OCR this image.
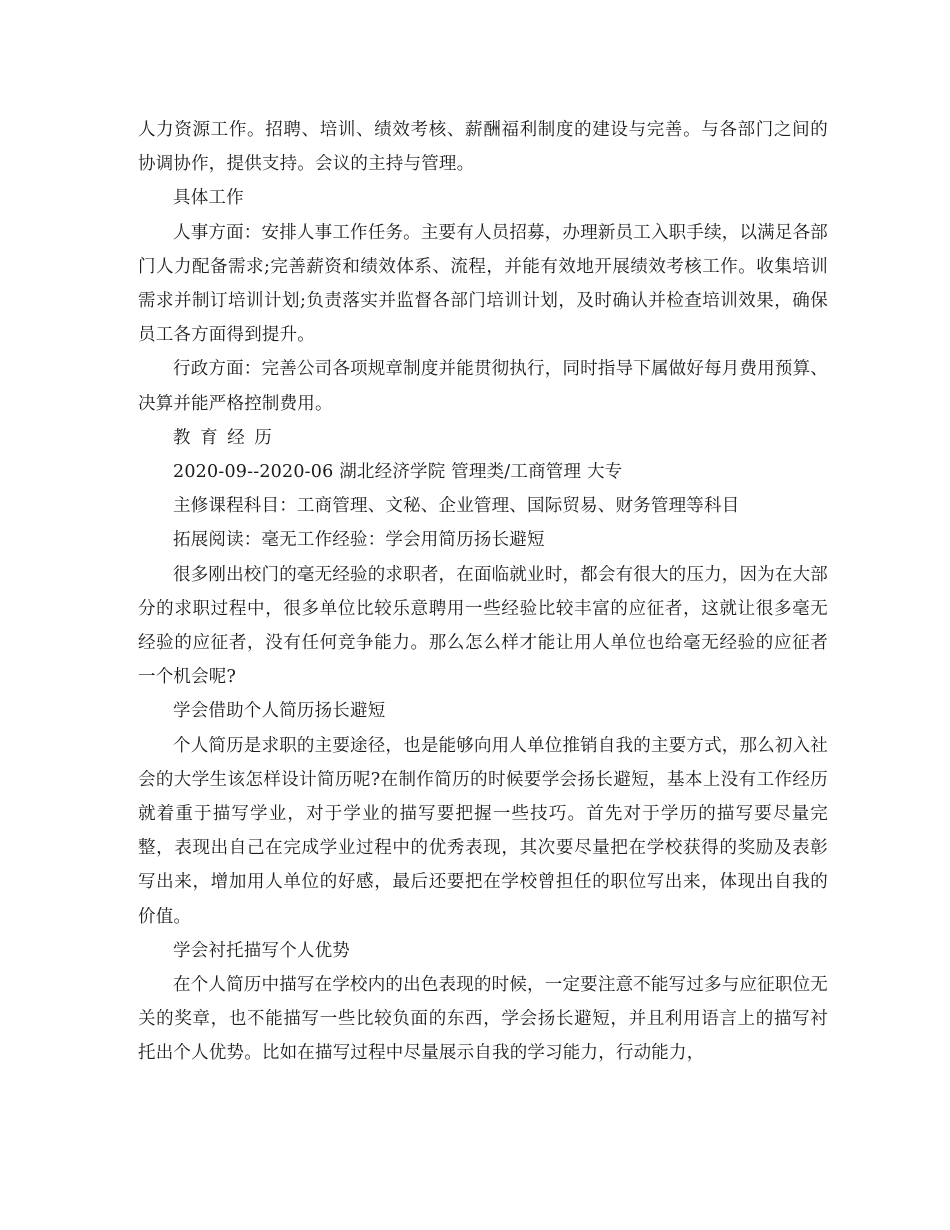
人力资源工作。招聘、培训、绩效考核、薪酬福利制度的建设与完善。与各部门之间的协调协作，提供支持。会议的主持与管理。

具体工作

人事方面：安排人事工作任务。主要有人员招募，办理新员工入职手续，以满足各部门人力配备需求;完善薪资和绩效体系、流程，并能有效地开展绩效考核工作。收集培训需求并制订培训计划;负责落实并监督各部门培训计划，及时确认并检查培训效果，确保员工各方面得到提升。

行政方面：完善公司各项规章制度并能贯彻执行，同时指导下属做好每月费用预算、决算并能严格控制费用。

教育经历

2020-09--2020-06 湖北经济学院 管理类/工商管理 大专

主修课程科目：工商管理、文秘、企业管理、国际贸易、财务管理等科目

拓展阅读：毫无工作经验：学会用简历扬长避短

很多刚出校门的毫无经验的求职者，在面临就业时，都会有很大的压力，因为在大部分的求职过程中，很多单位比较乐意聘用一些经验比较丰富的应征者，这就让很多毫无经验的应征者，没有任何竞争能力。那么怎么样才能让用人单位也给毫无经验的应征者一个机会呢?

学会借助个人简历扬长避短

个人简历是求职的主要途径，也是能够向用人单位推销自我的主要方式，那么初入社会的大学生该怎样设计简历呢?在制作简历的时候要学会扬长避短，基本上没有工作经历就着重于描写学业，对于学业的描写要把握一些技巧。首先对于学历的描写要尽量完整，表现出自己在完成学业过程中的优秀表现，其次要尽量把在学校获得的奖励及表彰写出来，增加用人单位的好感，最后还要把在学校曾担任的职位写出来，体现出自我的价值。

学会衬托描写个人优势

在个人简历中描写在学校内的出色表现的时候，一定要注意不能写过多与应征职位无关的奖章，也不能描写一些比较负面的东西，学会扬长避短，并且利用语言上的描写衬托出个人优势。比如在描写过程中尽量展示自我的学习能力，行动能力，
